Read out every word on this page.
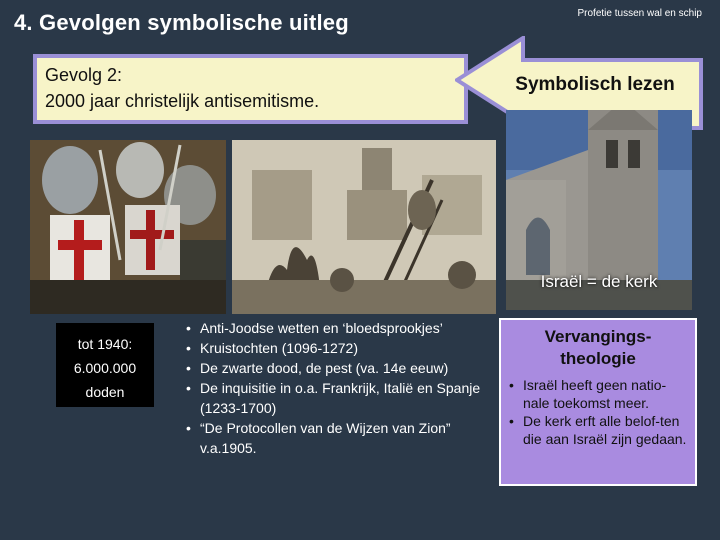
4. Gevolgen symbolische uitleg	Profetie tussen wal en schip
Gevolg 2:
2000 jaar christelijk antisemitisme.
Symbolisch lezen
Israël = de kerk
tot 1940:
6.000.000
doden
• Anti-Joodse wetten en ‘bloedsprookjes’
• Kruistochten (1096-1272)
• De zwarte dood, de pest (va. 14e eeuw)
• De inquisitie in o.a. Frankrijk, Italië en Spanje (1233-1700)
• “De Protocollen van de Wijzen van Zion” v.a.1905.
Vervangings-theologie
• Israël heeft geen natio-nale toekomst meer.
• De kerk erft alle belof-ten die aan Israël zijn gedaan.
